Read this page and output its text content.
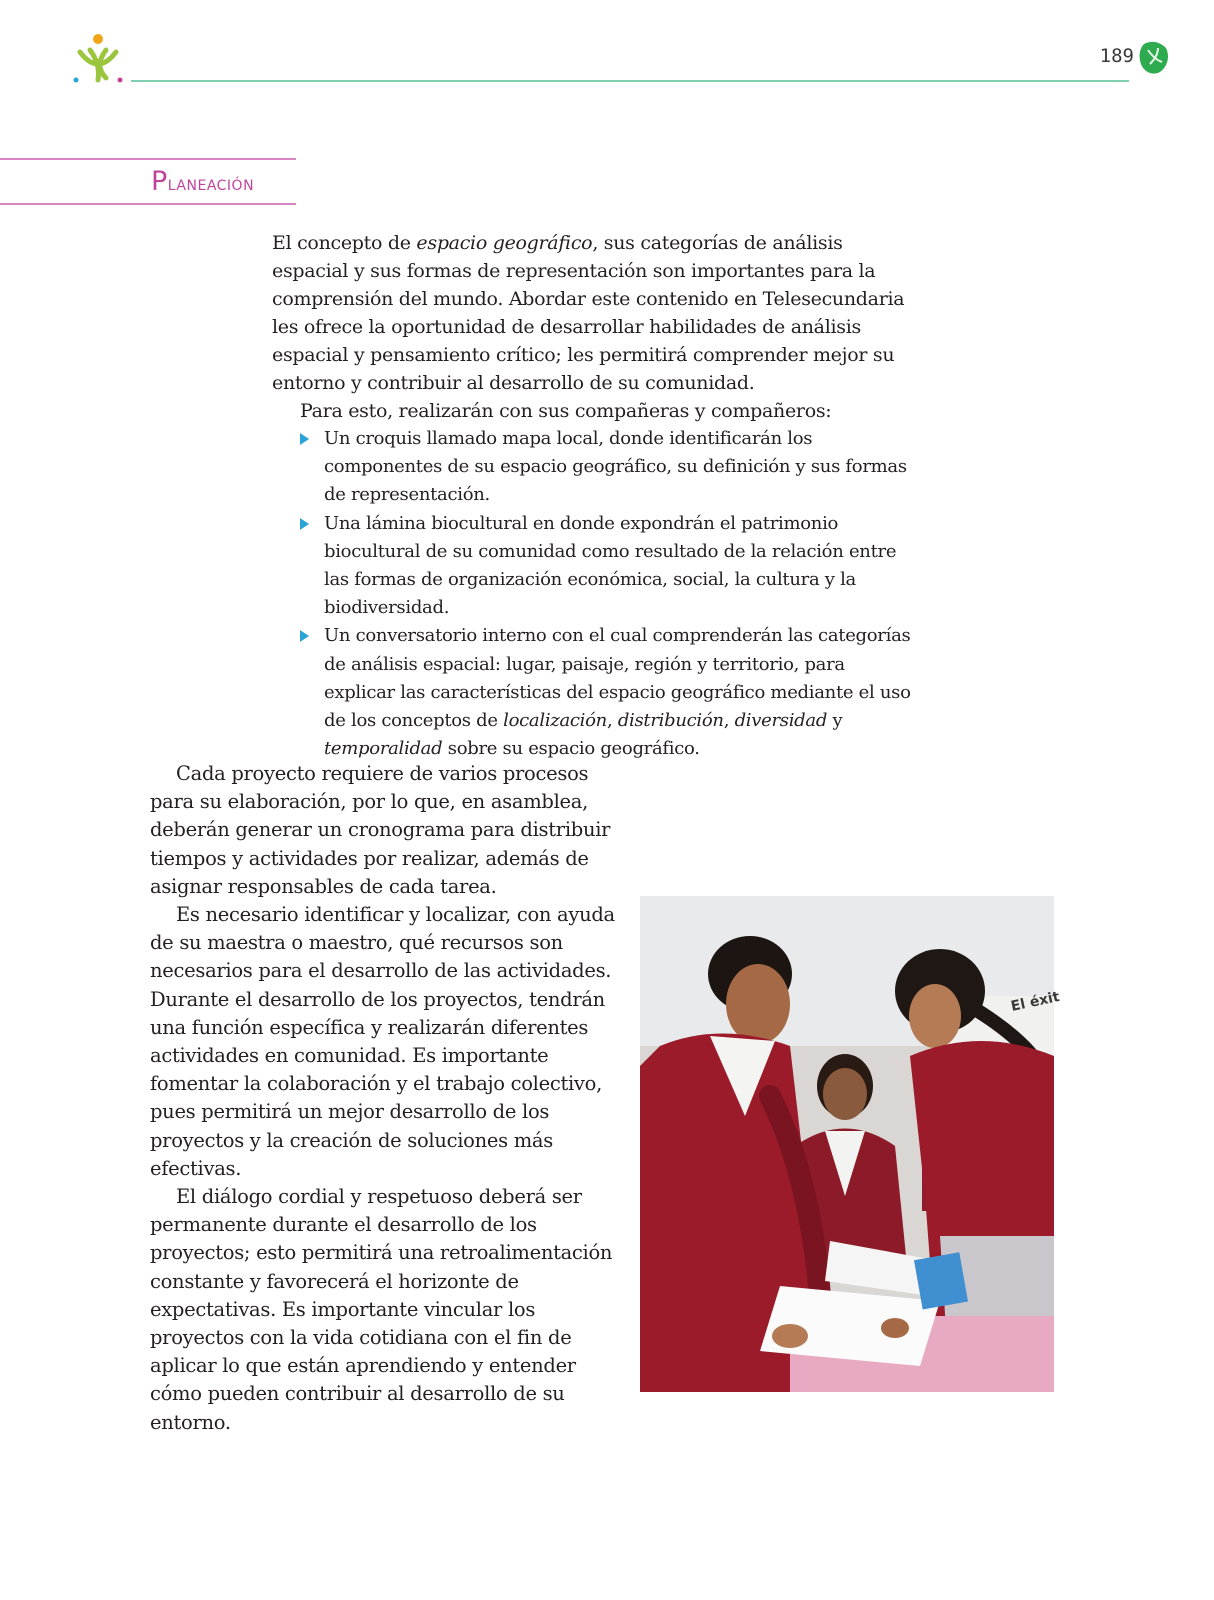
189
Planeación

El concepto de espacio geográfico, sus categorías de análisis espacial y sus formas de representación son importantes para la comprensión del mundo. Abordar este contenido en Telesecundaria les ofrece la oportunidad de desarrollar habilidades de análisis espacial y pensamiento crítico; les permitirá comprender mejor su entorno y contribuir al desarrollo de su comunidad.

Para esto, realizarán con sus compañeras y compañeros:

Un croquis llamado mapa local, donde identificarán los componentes de su espacio geográfico, su definición y sus formas de representación.
Una lámina biocultural en donde expondrán el patrimonio biocultural de su comunidad como resultado de la relación entre las formas de organización económica, social, la cultura y la biodiversidad.
Un conversatorio interno con el cual comprenderán las categorías de análisis espacial: lugar, paisaje, región y territorio, para explicar las características del espacio geográfico mediante el uso de los conceptos de localización, distribución, diversidad y temporalidad sobre su espacio geográfico.

Cada proyecto requiere de varios procesos para su elaboración, por lo que, en asamblea, deberán generar un cronograma para distribuir tiempos y actividades por realizar, además de asignar responsables de cada tarea.

Es necesario identificar y localizar, con ayuda de su maestra o maestro, qué recursos son necesarios para el desarrollo de las actividades. Durante el desarrollo de los proyectos, tendrán una función específica y realizarán diferentes actividades en comunidad. Es importante fomentar la colaboración y el trabajo colectivo, pues permitirá un mejor desarrollo de los proyectos y la creación de soluciones más efectivas.

El diálogo cordial y respetuoso deberá ser permanente durante el desarrollo de los proyectos; esto permitirá una retroalimentación constante y favorecerá el horizonte de expectativas. Es importante vincular los proyectos con la vida cotidiana con el fin de aplicar lo que están aprendiendo y entender cómo pueden contribuir al desarrollo de su entorno.

El éxit
